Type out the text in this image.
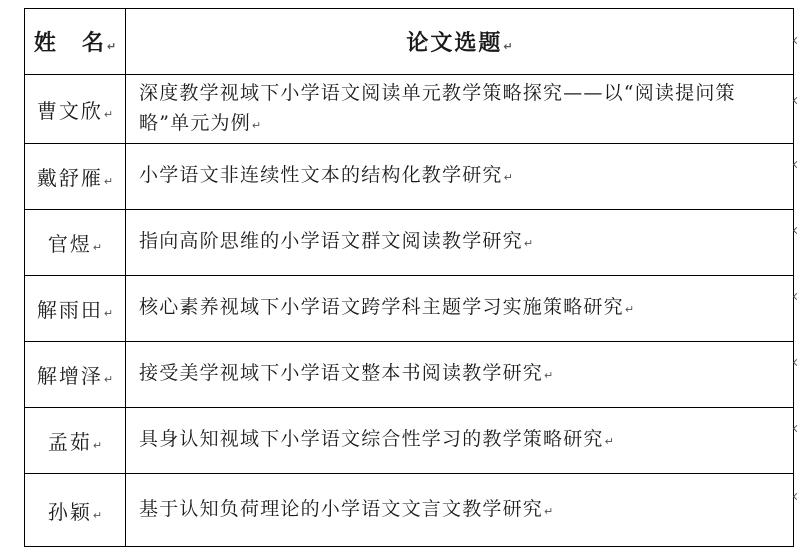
姓　名↵	论文选题↵
曹文欣↵	深度教学视域下小学语文阅读单元教学策略探究——以“阅读提问策略”单元为例↵
戴舒雁↵	小学语文非连续性文本的结构化教学研究↵
官煜↵	指向高阶思维的小学语文群文阅读教学研究↵
解雨田↵	核心素养视域下小学语文跨学科主题学习实施策略研究↵
解增泽↵	接受美学视域下小学语文整本书阅读教学研究↵
孟茹↵	具身认知视域下小学语文综合性学习的教学策略研究↵
孙颖↵	基于认知负荷理论的小学语文文言文教学研究↵
